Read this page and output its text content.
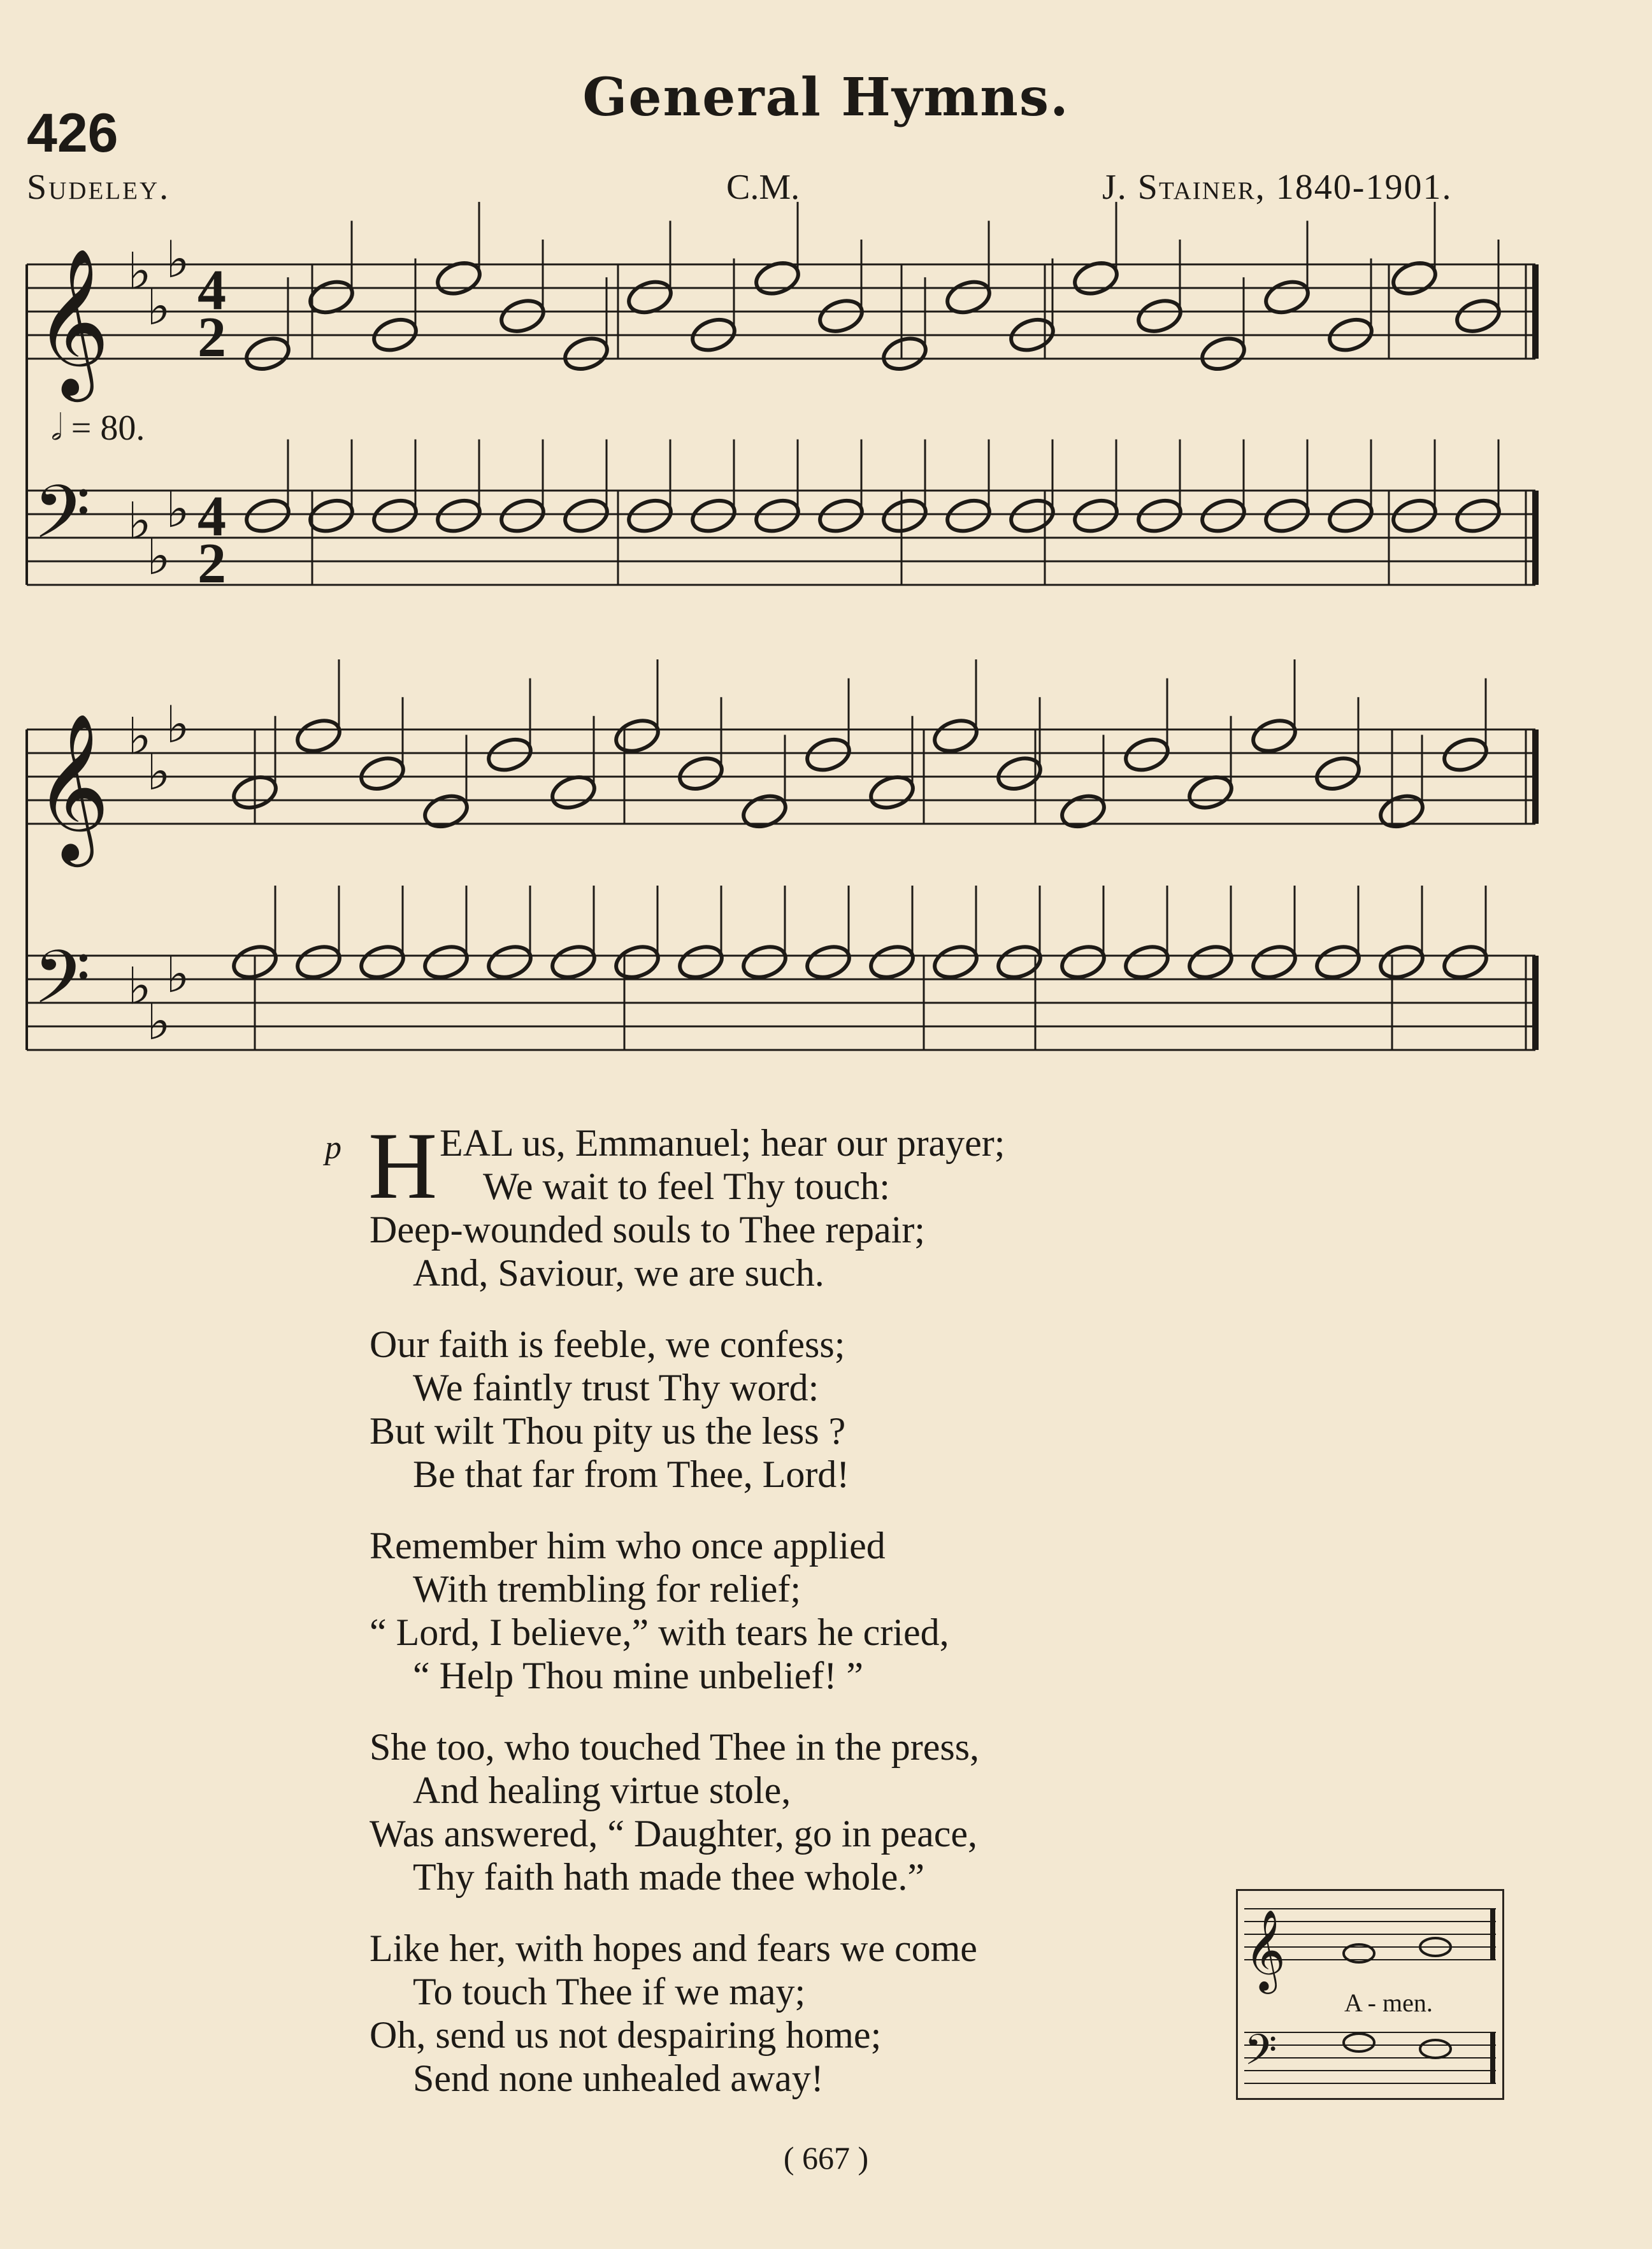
General Hymns.
426
Sudeley.	C.M.	J. Stainer, 1840-1901.
𝅗𝅥 = 80.
𝄞
𝄢
♭
♭
♭
♭
♭
♭
4
2
4
2
𝄞
𝄢
♭
♭
♭
♭
♭
♭
p H EAL us, Emmanuel; hear our prayer;
We wait to feel Thy touch:
Deep-wounded souls to Thee repair;
And, Saviour, we are such.
Our faith is feeble, we confess;
We faintly trust Thy word:
But wilt Thou pity us the less ?
Be that far from Thee, Lord!
Remember him who once applied
With trembling for relief;
“ Lord, I believe,” with tears he cried,
“ Help Thou mine unbelief! ”
She too, who touched Thee in the press,
And healing virtue stole,
Was answered, “ Daughter, go in peace,
Thy faith hath made thee whole.”
Like her, with hopes and fears we come
To touch Thee if we may;
Oh, send us not despairing home;
Send none unhealed away!
𝄞
𝄢
A - men.
( 667 )
